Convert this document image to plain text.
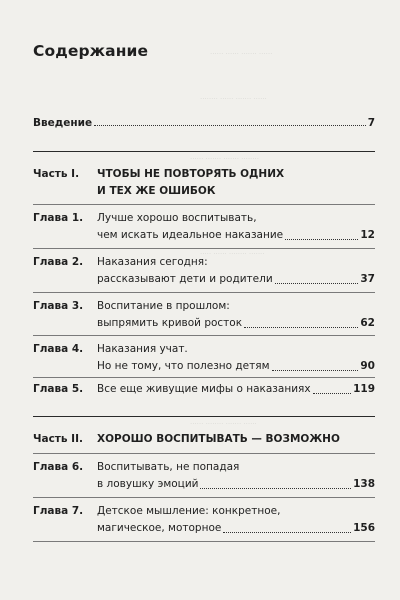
······ ······· ······ ······
······ ······· ······ ········
········ ······· ······· ······
······· ········ ······ ·····
······ ······· ········ ······
Содержание
Введение	7
Часть I. ЧТОБЫ НЕ ПОВТОРЯТЬ ОДНИХ
И ТЕХ ЖЕ ОШИБОК
Глава 1. Лучше хорошо воспитывать,
чем искать идеальное наказание	12
Глава 2. Наказания сегодня:
рассказывают дети и родители	37
Глава 3. Воспитание в прошлом:
выпрямить кривой росток	62
Глава 4. Наказания учат.
Но не тому, что полезно детям	90
Глава 5. Все еще живущие мифы о наказаниях	119
Часть II. ХОРОШО ВОСПИТЫВАТЬ — ВОЗМОЖНО
Глава 6. Воспитывать, не попадая
в ловушку эмоций	138
Глава 7. Детское мышление: конкретное,
магическое, моторное	156
